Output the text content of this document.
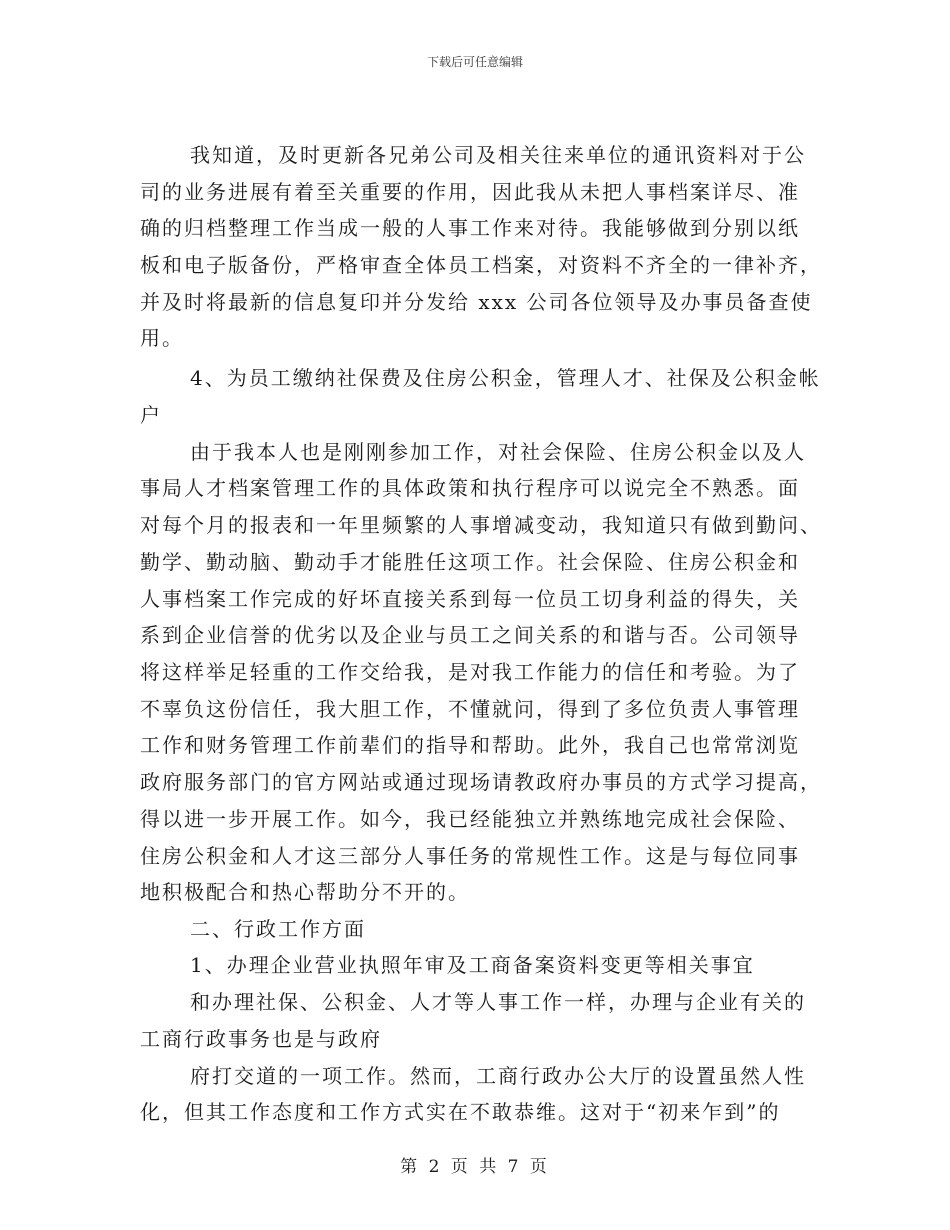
下载后可任意编辑
我知道，及时更新各兄弟公司及相关往来单位的通讯资料对于公
司的业务进展有着至关重要的作用，因此我从未把人事档案详尽、准
确的归档整理工作当成一般的人事工作来对待。我能够做到分别以纸
板和电子版备份，严格审查全体员工档案，对资料不齐全的一律补齐，
并及时将最新的信息复印并分发给 xxx 公司各位领导及办事员备查使
用。
4、为员工缴纳社保费及住房公积金，管理人才、社保及公积金帐
户
由于我本人也是刚刚参加工作，对社会保险、住房公积金以及人
事局人才档案管理工作的具体政策和执行程序可以说完全不熟悉。面
对每个月的报表和一年里频繁的人事增减变动，我知道只有做到勤问、
勤学、勤动脑、勤动手才能胜任这项工作。社会保险、住房公积金和
人事档案工作完成的好坏直接关系到每一位员工切身利益的得失，关
系到企业信誉的优劣以及企业与员工之间关系的和谐与否。公司领导
将这样举足轻重的工作交给我，是对我工作能力的信任和考验。为了
不辜负这份信任，我大胆工作，不懂就问，得到了多位负责人事管理
工作和财务管理工作前辈们的指导和帮助。此外，我自己也常常浏览
政府服务部门的官方网站或通过现场请教政府办事员的方式学习提高，
得以进一步开展工作。如今，我已经能独立并熟练地完成社会保险、
住房公积金和人才这三部分人事任务的常规性工作。这是与每位同事
地积极配合和热心帮助分不开的。
二、行政工作方面
1、办理企业营业执照年审及工商备案资料变更等相关事宜
和办理社保、公积金、人才等人事工作一样，办理与企业有关的
工商行政事务也是与政府
府打交道的一项工作。然而，工商行政办公大厅的设置虽然人性
化，但其工作态度和工作方式实在不敢恭维。这对于“初来乍到”的
第 2 页 共 7 页
